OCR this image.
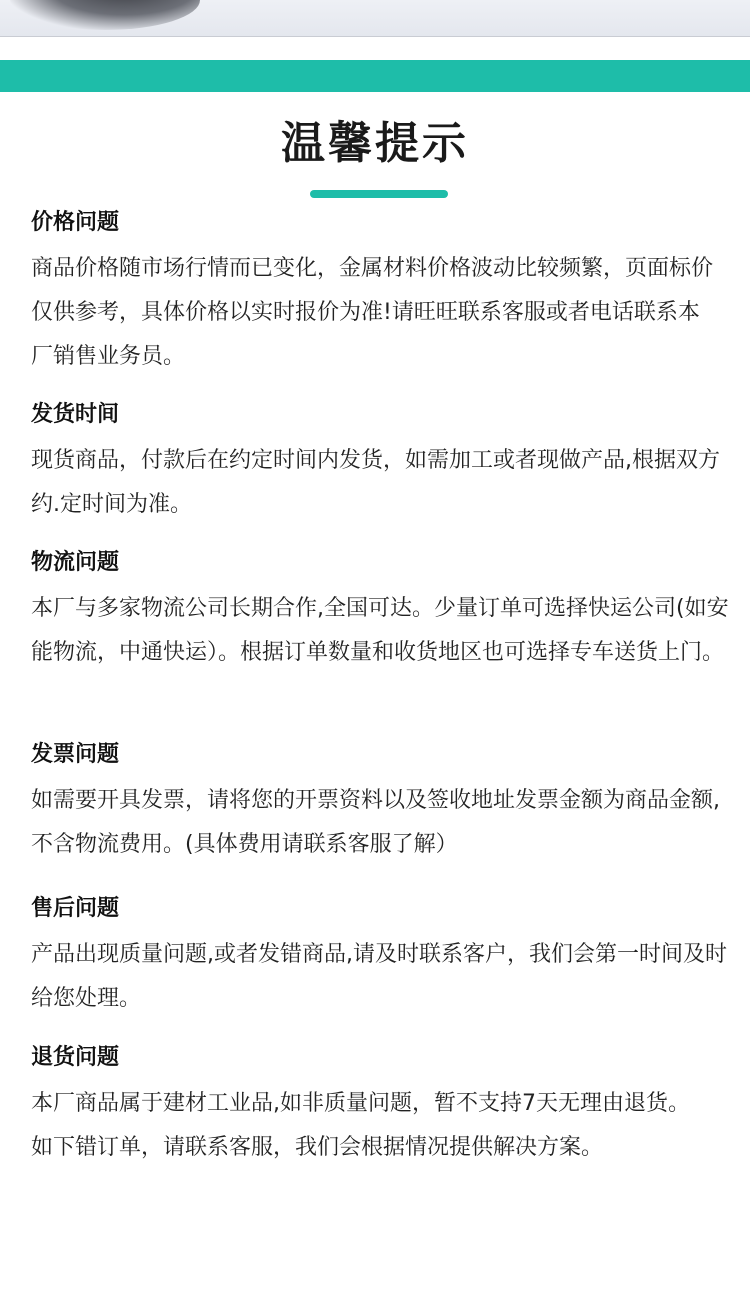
温馨提示
价格问题

商品价格随市场行情而已变化，金属材料价格波动比较频繁，页面标价仅供参考，具体价格以实时报价为准!请旺旺联系客服或者电话联系本厂销售业务员。

发货时间

现货商品，付款后在约定时间内发货，如需加工或者现做产品,根据双方约.定时间为准。

物流问题

本厂与多家物流公司长期合作,全国可达。少量订单可选择快运公司(如安能物流，中通快运）。根据订单数量和收货地区也可选择专车送货上门。

发票问题

如需要开具发票，请将您的开票资料以及签收地址发票金额为商品金额,不含物流费用。(具体费用请联系客服了解）

售后问题

产品出现质量问题,或者发错商品,请及时联系客户，我们会第一时间及时给您处理。

退货问题

本厂商品属于建材工业品,如非质量问题，暂不支持7天无理由退货。如下错订单，请联系客服，我们会根据情况提供解决方案。
